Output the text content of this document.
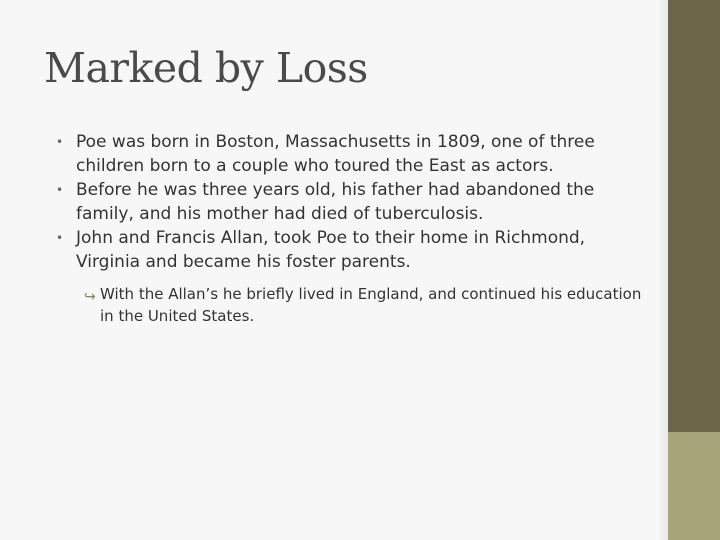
Marked by Loss
• Poe was born in Boston, Massachusetts in 1809, one of three children born to a couple who toured the East as actors.
• Before he was three years old, his father had abandoned the family, and his mother had died of tuberculosis.
• John and Francis Allan, took Poe to their home in Richmond, Virginia and became his foster parents.
↪ With the Allan’s he briefly lived in England, and continued his education in the United States.
